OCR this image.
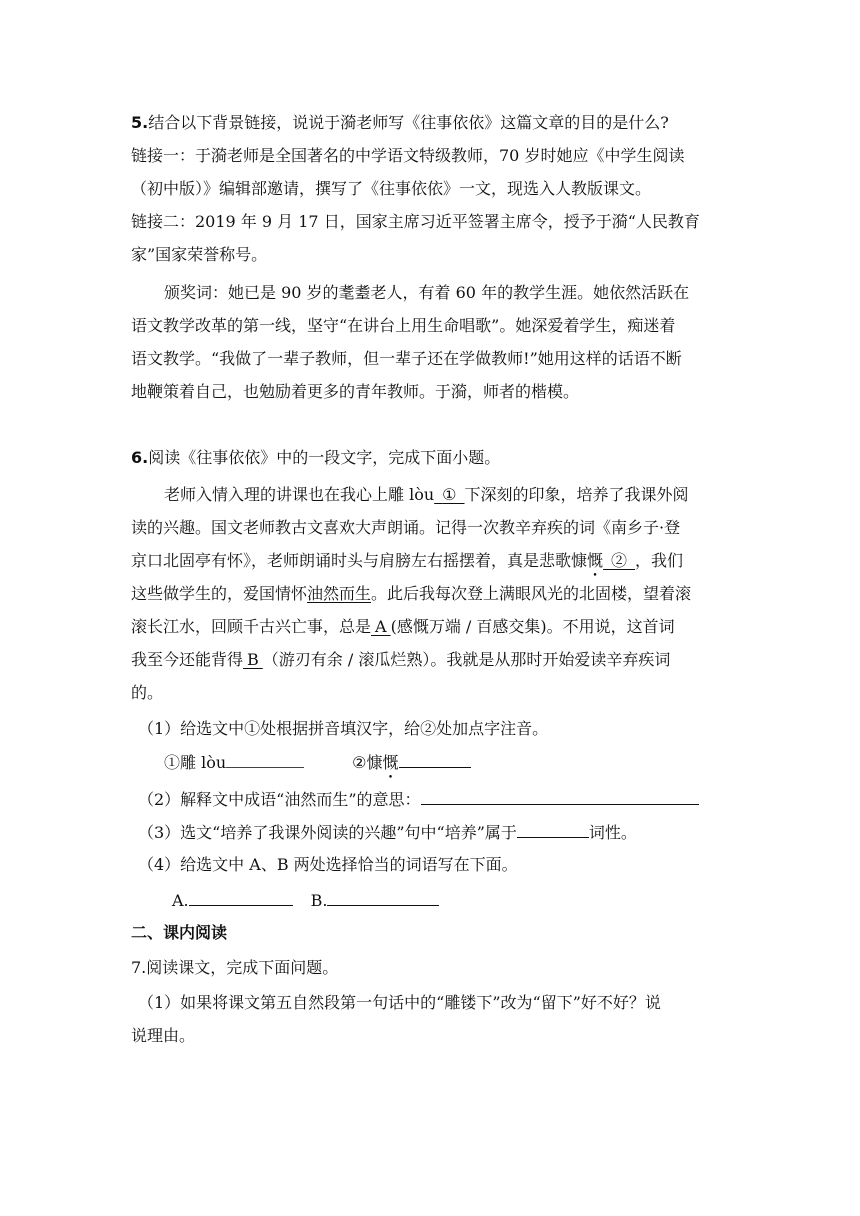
5.结合以下背景链接，说说于漪老师写《往事依依》这篇文章的目的是什么?
链接一：于漪老师是全国著名的中学语文特级教师，70 岁时她应《中学生阅读
（初中版）》编辑部邀请，撰写了《往事依依》一文，现选入人教版课文。
链接二：2019 年 9 月 17 日，国家主席习近平签署主席令，授予于漪“人民教育
家”国家荣誉称号。
颁奖词：她已是 90 岁的耄耋老人，有着 60 年的教学生涯。她依然活跃在
语文教学改革的第一线，坚守“在讲台上用生命唱歌”。她深爱着学生，痴迷着
语文教学。“我做了一辈子教师，但一辈子还在学做教师!”她用这样的话语不断
地鞭策着自己，也勉励着更多的青年教师。于漪，师者的楷模。
6.阅读《往事依依》中的一段文字，完成下面小题。
老师入情入理的讲课也在我心上雕 lòu  ①  下深刻的印象，培养了我课外阅
读的兴趣。国文老师教古文喜欢大声朗诵。记得一次教辛弃疾的词《南乡子·登
京口北固亭有怀》，老师朗诵时头与肩膀左右摇摆着，真是悲歌慷慨  ②  ，我们
这些做学生的，爱国情怀油然而生。此后我每次登上满眼风光的北固楼，望着滚
滚长江水，回顾千古兴亡事，总是  A  (感慨万端 / 百感交集)。不用说，这首词
我至今还能背得  B  （游刃有余 / 滚瓜烂熟）。我就是从那时开始爱读辛弃疾词
的。
（1）给选文中①处根据拼音填汉字，给②处加点字注音。
①雕 lòu	②慷慨
（2）解释文中成语“油然而生”的意思：
（3）选文“培养了我课外阅读的兴趣”句中“培养”属于	词性。
（4）给选文中 A、B 两处选择恰当的词语写在下面。
A.	B.
二、课内阅读
7.阅读课文，完成下面问题。
（1）如果将课文第五自然段第一句话中的“雕镂下”改为“留下”好不好？说
说理由。
